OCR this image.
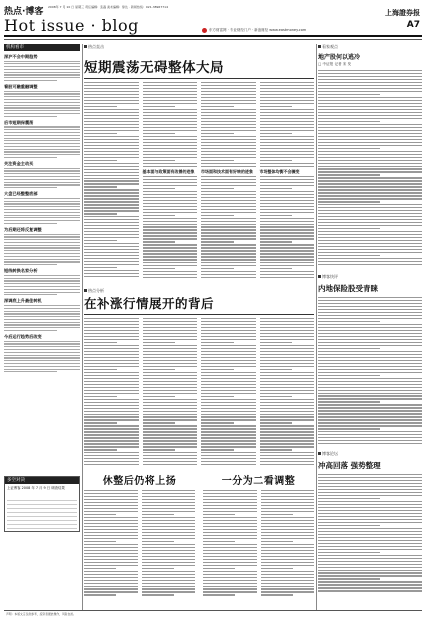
热点·博客 2008年 7 月 10 日 星期三 责任编辑：张磊 美术编辑：徐达 · 新闻热线：021-38967714
Hot issue · blog	东方财富网 · 专业财经门户 · 新浪财经 www.eastmoney.com
上海證券报
A7
机构看市
深沪不会中期趋势
看股可融重融调整
后市短期保震荡
关注资金主动买
大盘已经整整底部
为后期还将反复调整
短线转换名家分析
深调底上升最佳转机
今后运行趋势后改变
多空对决
上证博客 2008 年 7 月 9 日 调查结果
热点直击
短期震荡无碍整体大局
基本面与政策面有改善的迹象	市场面和技术面有好转的迹象	市场整体均衡不会骤变
热点分析
在补涨行情展开的背后
休整后仍将上扬	一分为二看调整
看家观点
地产股何以逃冷
□ 中证报 记者 宋 发
博客快评
内地保险股受青睐
博客论坛
冲高回落 强势整理
声明：本版文章仅供参考，投资者据此操作，风险自担。
